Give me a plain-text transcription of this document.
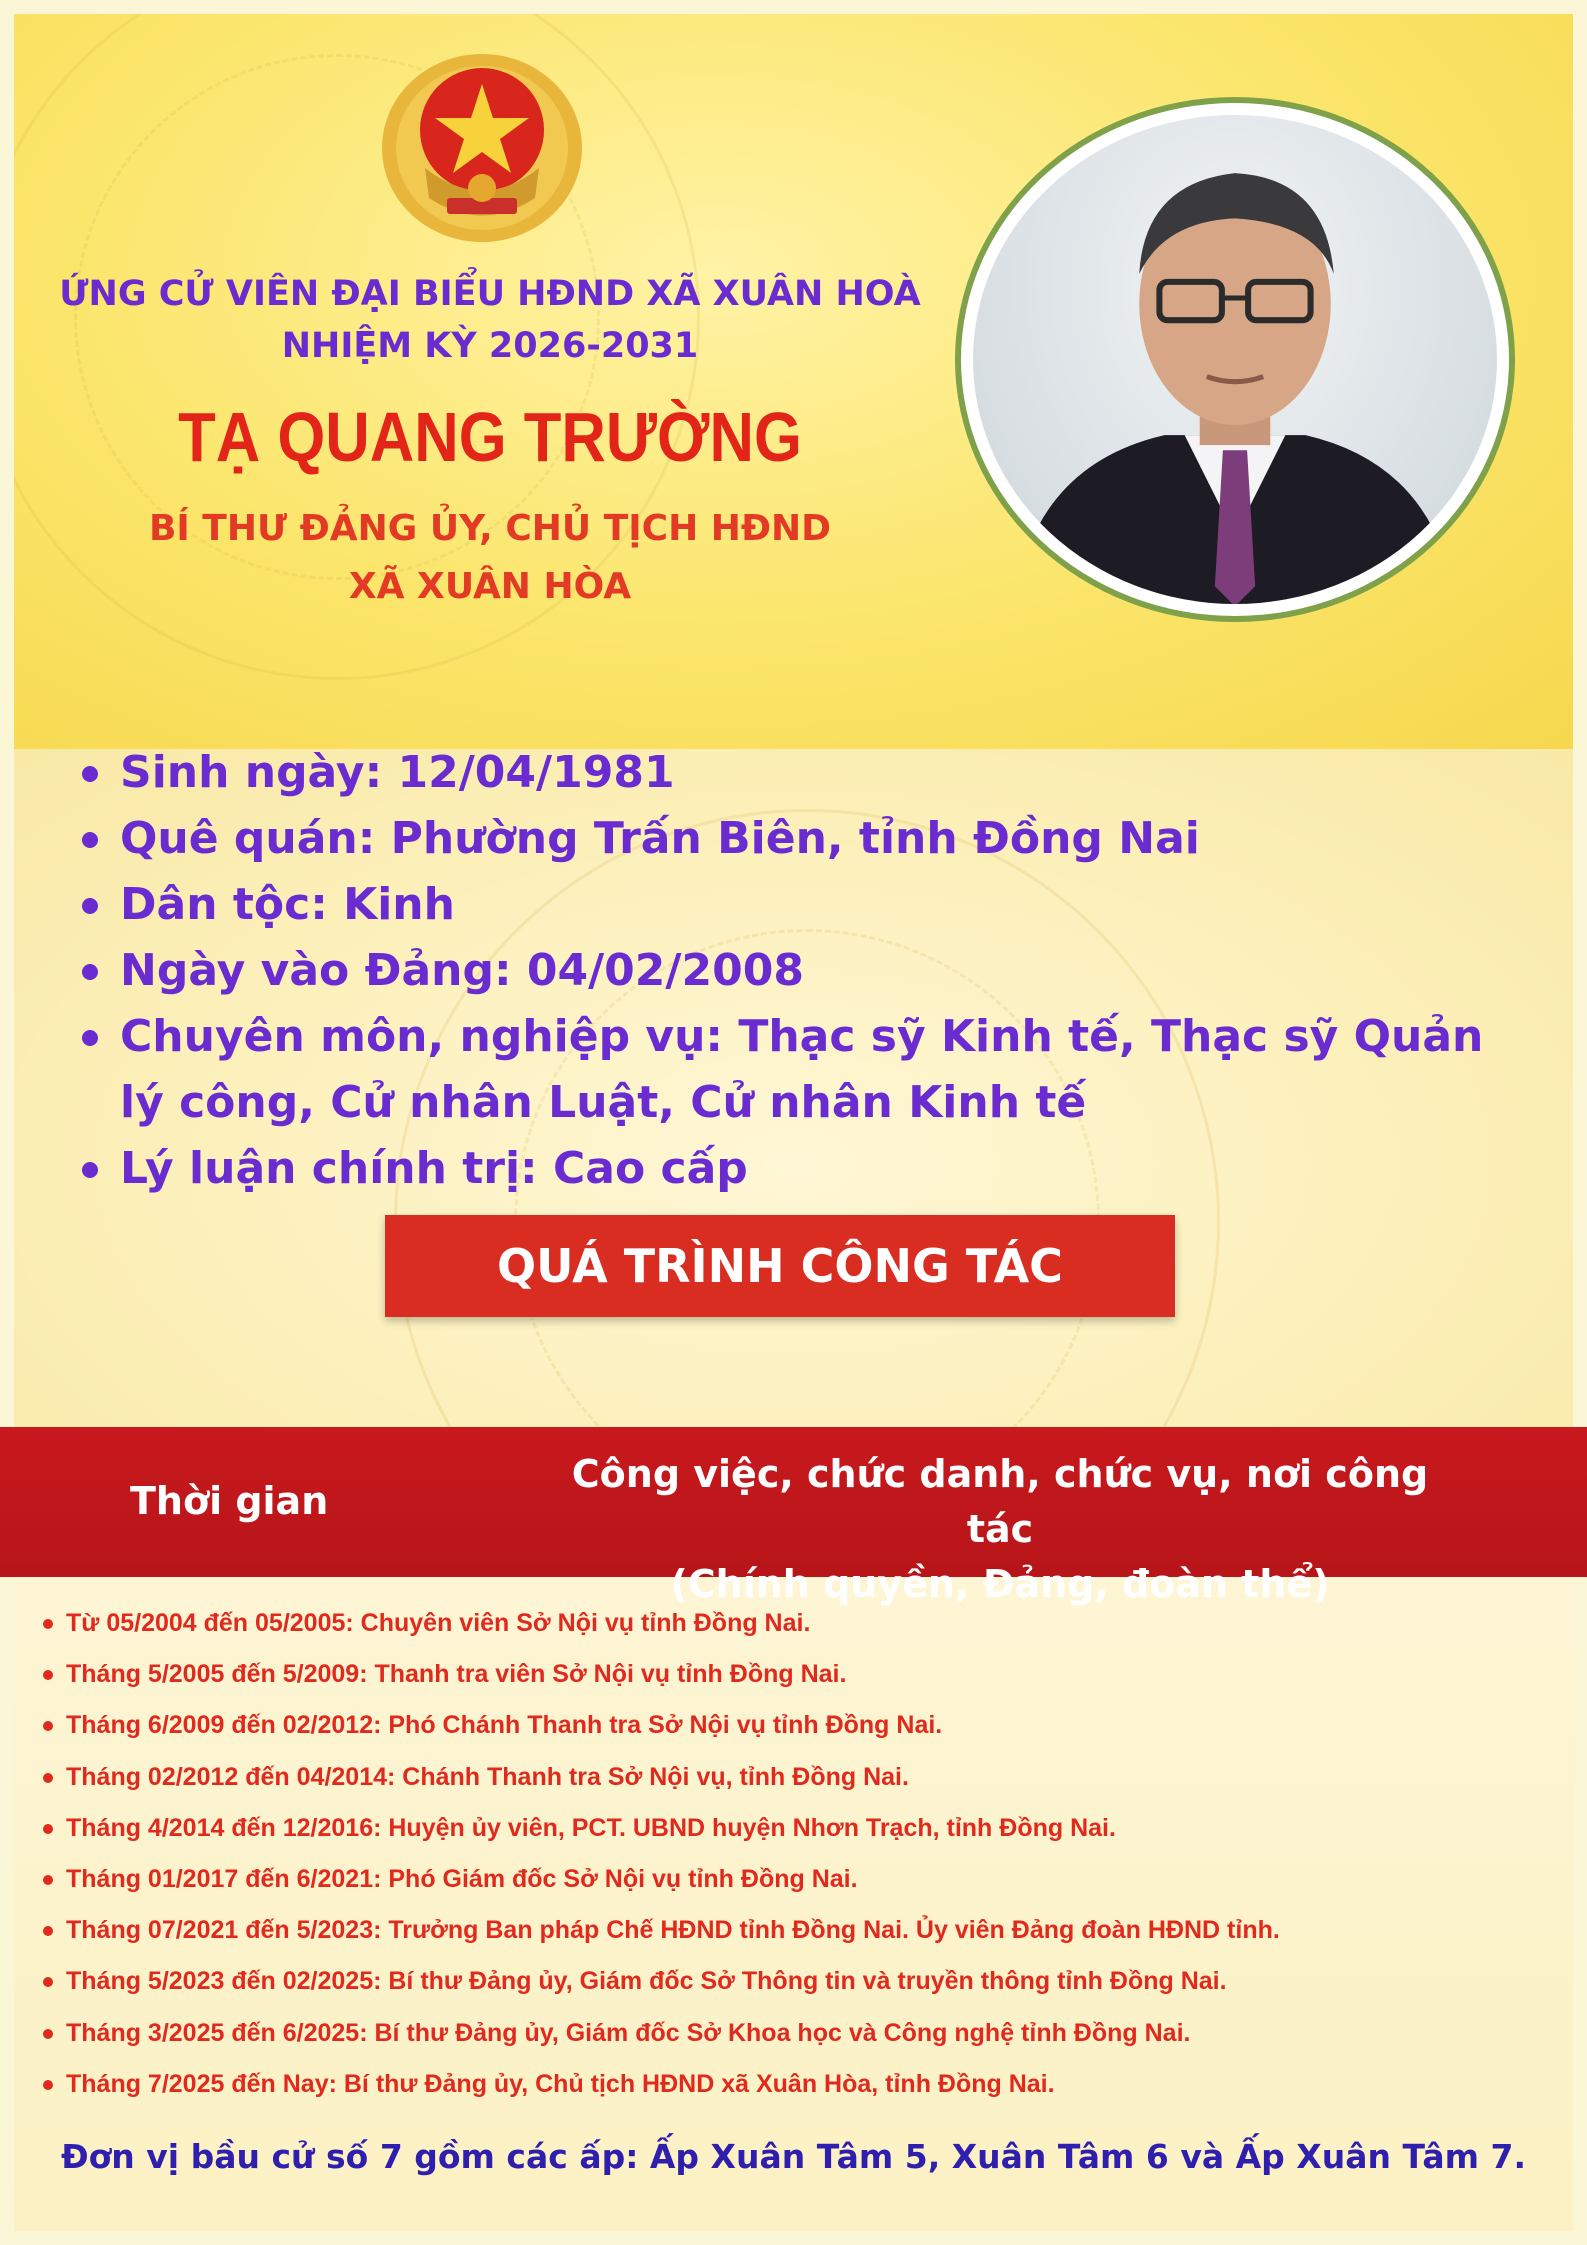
ỨNG CỬ VIÊN ĐẠI BIỂU HĐND XÃ XUÂN HOÀ
NHIỆM KỲ 2026-2031
TẠ QUANG TRƯỜNG
BÍ THƯ ĐẢNG ỦY, CHỦ TỊCH HĐND
XÃ XUÂN HÒA
Sinh ngày: 12/04/1981
Quê quán: Phường Trấn Biên, tỉnh Đồng Nai
Dân tộc: Kinh
Ngày vào Đảng: 04/02/2008
Chuyên môn, nghiệp vụ: Thạc sỹ Kinh tế, Thạc sỹ Quản lý công, Cử nhân Luật, Cử nhân Kinh tế
Lý luận chính trị: Cao cấp
QUÁ TRÌNH CÔNG TÁC
Thời gian
Công việc, chức danh, chức vụ, nơi công tác
(Chính quyền, Đảng, đoàn thể)
Từ 05/2004 đến 05/2005: Chuyên viên Sở Nội vụ tỉnh Đồng Nai.
Tháng 5/2005 đến 5/2009: Thanh tra viên Sở Nội vụ tỉnh Đồng Nai.
Tháng 6/2009 đến 02/2012: Phó Chánh Thanh tra Sở Nội vụ tỉnh Đồng Nai.
Tháng 02/2012 đến 04/2014: Chánh Thanh tra Sở Nội vụ, tỉnh Đồng Nai.
Tháng 4/2014 đến 12/2016: Huyện ủy viên, PCT. UBND huyện Nhơn Trạch, tỉnh Đồng Nai.
Tháng 01/2017 đến 6/2021: Phó Giám đốc Sở Nội vụ tỉnh Đồng Nai.
Tháng 07/2021 đến 5/2023: Trưởng Ban pháp Chế HĐND tỉnh Đồng Nai. Ủy viên Đảng đoàn HĐND tỉnh.
Tháng 5/2023 đến 02/2025: Bí thư Đảng ủy, Giám đốc Sở Thông tin và truyền thông tỉnh Đồng Nai.
Tháng 3/2025 đến 6/2025: Bí thư Đảng ủy, Giám đốc Sở Khoa học và Công nghệ tỉnh Đồng Nai.
Tháng 7/2025 đến Nay: Bí thư Đảng ủy, Chủ tịch HĐND xã Xuân Hòa, tỉnh Đồng Nai.
Đơn vị bầu cử số 7 gồm các ấp: Ấp Xuân Tâm 5, Xuân Tâm 6 và Ấp Xuân Tâm 7.
